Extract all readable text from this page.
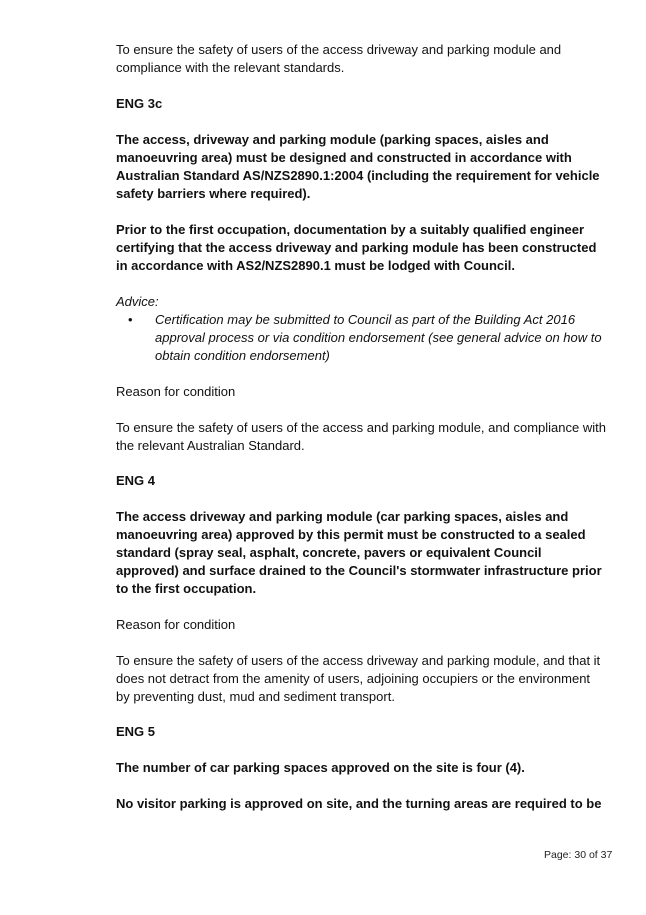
To ensure the safety of users of the access driveway and parking module and compliance with the relevant standards.

ENG 3c

The access, driveway and parking module (parking spaces, aisles and manoeuvring area) must be designed and constructed in accordance with Australian Standard AS/NZS2890.1:2004 (including the requirement for vehicle safety barriers where required).

Prior to the first occupation, documentation by a suitably qualified engineer certifying that the access driveway and parking module has been constructed in accordance with AS2/NZS2890.1 must be lodged with Council.

Advice:

• Certification may be submitted to Council as part of the Building Act 2016 approval process or via condition endorsement (see general advice on how to obtain condition endorsement)

Reason for condition

To ensure the safety of users of the access and parking module, and compliance with the relevant Australian Standard.

ENG 4

The access driveway and parking module (car parking spaces, aisles and manoeuvring area) approved by this permit must be constructed to a sealed standard (spray seal, asphalt, concrete, pavers or equivalent Council approved) and surface drained to the Council's stormwater infrastructure prior to the first occupation.

Reason for condition

To ensure the safety of users of the access driveway and parking module, and that it does not detract from the amenity of users, adjoining occupiers or the environment by preventing dust, mud and sediment transport.

ENG 5

The number of car parking spaces approved on the site is four (4).

No visitor parking is approved on site, and the turning areas are required to be

Page: 30 of 37
